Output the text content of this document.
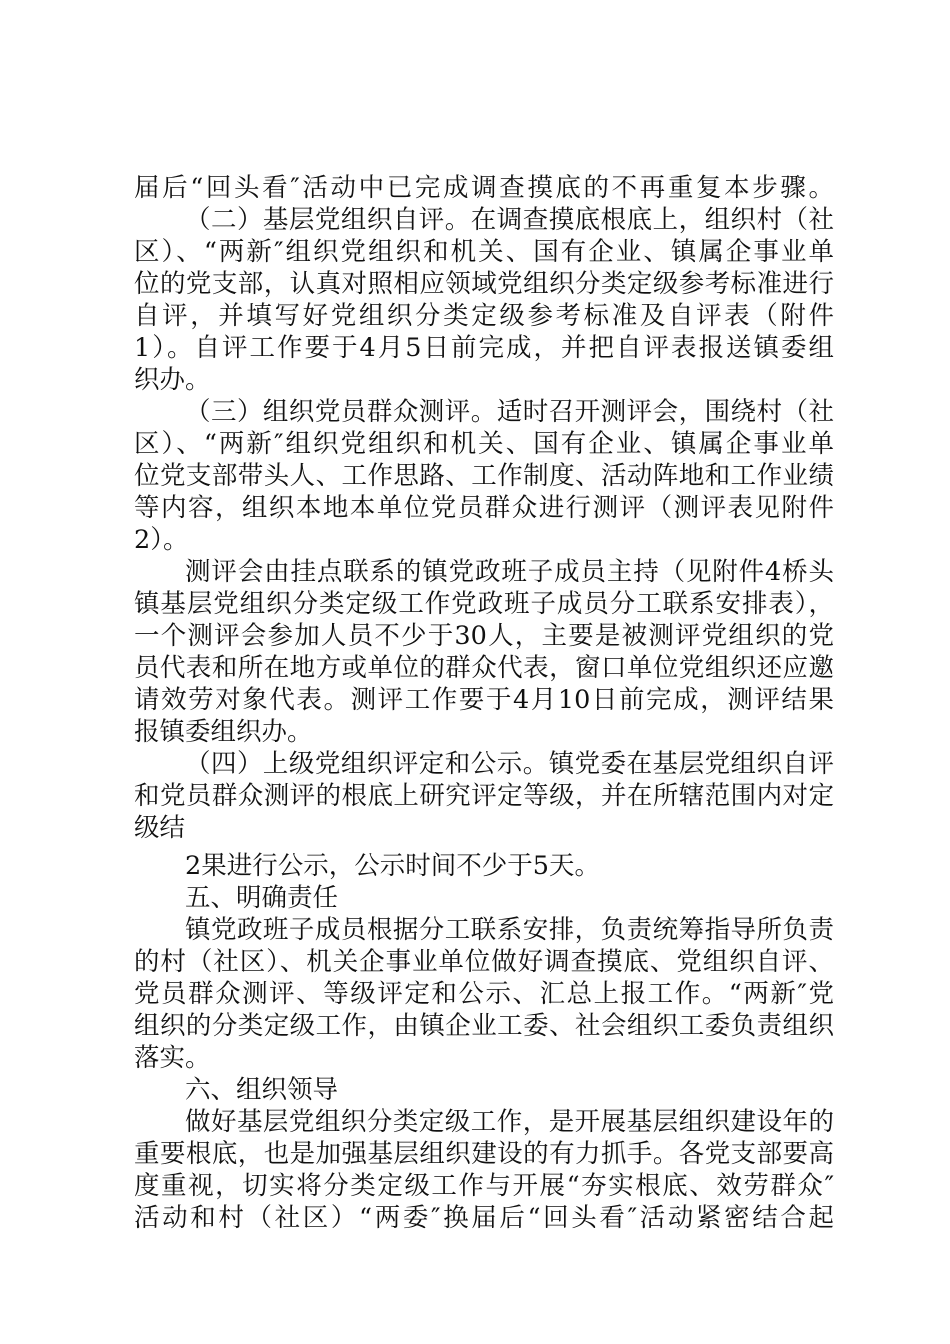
届后“回头看″活动中已完成调查摸底的不再重复本步骤。
（二）基层党组织自评。在调查摸底根底上，组织村（社
区）、“两新″组织党组织和机关、国有企业、镇属企事业单
位的党支部，认真对照相应领域党组织分类定级参考标准进行
自评，并填写好党组织分类定级参考标准及自评表（附件
1）。自评工作要于4月5日前完成，并把自评表报送镇委组
织办。
（三）组织党员群众测评。适时召开测评会，围绕村（社
区）、“两新″组织党组织和机关、国有企业、镇属企事业单
位党支部带头人、工作思路、工作制度、活动阵地和工作业绩
等内容，组织本地本单位党员群众进行测评（测评表见附件
2）。
测评会由挂点联系的镇党政班子成员主持（见附件4桥头
镇基层党组织分类定级工作党政班子成员分工联系安排表），
一个测评会参加人员不少于30人，主要是被测评党组织的党
员代表和所在地方或单位的群众代表，窗口单位党组织还应邀
请效劳对象代表。测评工作要于4月10日前完成，测评结果
报镇委组织办。
（四）上级党组织评定和公示。镇党委在基层党组织自评
和党员群众测评的根底上研究评定等级，并在所辖范围内对定
级结
2果进行公示，公示时间不少于5天。
五、明确责任
镇党政班子成员根据分工联系安排，负责统筹指导所负责
的村（社区）、机关企事业单位做好调查摸底、党组织自评、
党员群众测评、等级评定和公示、汇总上报工作。“两新″党
组织的分类定级工作，由镇企业工委、社会组织工委负责组织
落实。
六、组织领导
做好基层党组织分类定级工作，是开展基层组织建设年的
重要根底，也是加强基层组织建设的有力抓手。各党支部要高
度重视，切实将分类定级工作与开展“夯实根底、效劳群众″
活动和村（社区）“两委″换届后“回头看″活动紧密结合起
